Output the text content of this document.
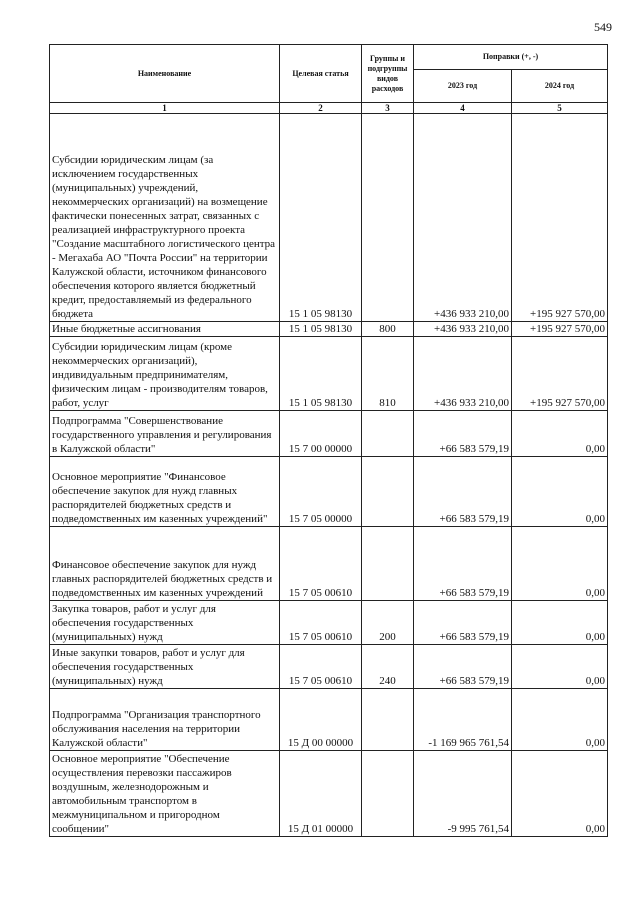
549
Наименование	Целевая статья	Группы и подгруппы видов расходов	Поправки (+, -)	
			2023 год	2024 год
1	2	3	4	5
Субсидии юридическим лицам (за исключением государственных (муниципальных) учреждений, некоммерческих организаций) на возмещение фактически понесенных затрат, связанных с реализацией инфраструктурного проекта "Создание масштабного логистического центра - Мегахаба АО "Почта России" на территории Калужской области, источником финансового обеспечения которого является бюджетный кредит, предоставляемый из федерального бюджета	15 1 05 98130		+436 933 210,00	+195 927 570,00
Иные бюджетные ассигнования	15 1 05 98130	800	+436 933 210,00	+195 927 570,00
Субсидии юридическим лицам (кроме некоммерческих организаций), индивидуальным предпринимателям, физическим лицам - производителям товаров, работ, услуг	15 1 05 98130	810	+436 933 210,00	+195 927 570,00
Подпрограмма "Совершенствование государственного управления и регулирования в Калужской области"	15 7 00 00000		+66 583 579,19	0,00
Основное мероприятие "Финансовое обеспечение закупок для нужд главных распорядителей бюджетных средств и подведомственных им казенных учреждений"	15 7 05 00000		+66 583 579,19	0,00
Финансовое обеспечение закупок для нужд главных распорядителей бюджетных средств и подведомственных им казенных учреждений	15 7 05 00610		+66 583 579,19	0,00
Закупка товаров, работ и услуг для обеспечения государственных (муниципальных) нужд	15 7 05 00610	200	+66 583 579,19	0,00
Иные закупки товаров, работ и услуг для обеспечения государственных (муниципальных) нужд	15 7 05 00610	240	+66 583 579,19	0,00
Подпрограмма "Организация транспортного обслуживания населения на территории Калужской области"	15 Д 00 00000		-1 169 965 761,54	0,00
Основное мероприятие "Обеспечение осуществления перевозки пассажиров воздушным, железнодорожным и автомобильным транспортом в межмуниципальном и пригородном сообщении"	15 Д 01 00000		-9 995 761,54	0,00
